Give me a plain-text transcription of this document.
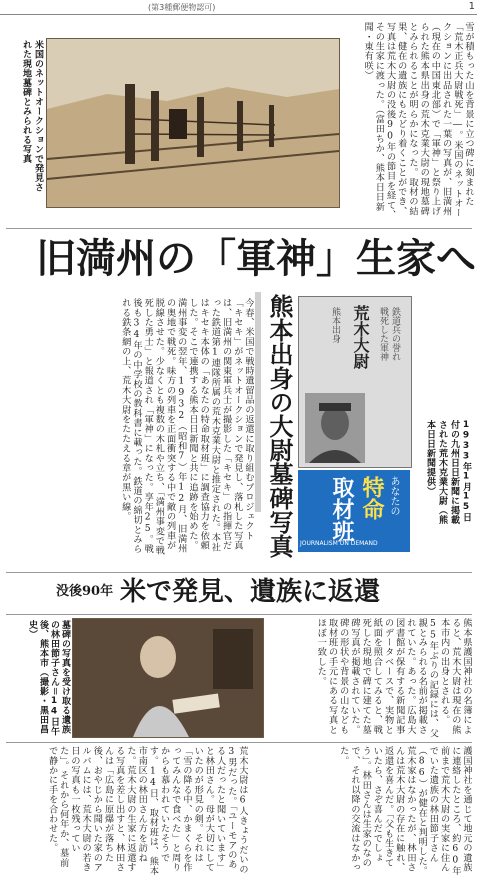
(第3種郵便物認可)	1
米国のネットオークションで発見された現地墓碑とみられる写真	雪が積もった山を背景に立つ碑に刻まれた「荒木正兵大尉戦死」―。米国のネットオークションに出品された一葉の写真が、旧満州（現在の中国東北部）で「軍神」と祭り上げられた熊本県出身の荒木克業大尉の現地墓碑とみられることが明らかになった。取材の結果、健在の遺族にもたどり着くことができ、写真は荒木大尉の没後90年の節目を経て、その生家に渡った。（富田ちか、熊本日日新聞・東有咲）
旧満州の「軍神」生家へ
熊本出身の大尉墓碑写真
今春、米国で戦時遺留品の返還に取り組むプロジェクト「キセキ」がネットオークションで発見し、落札した写真は、旧満州の関東軍兵士が撮影した「キセキ」の指揮官だった鉄道第1連隊所属の荒木克業大尉と推定された。本社はキセキ本体の「あなたの特命取材班」に調査協力を依頼した。そこで連携する熊本日日新聞と共に追跡を始めた。満州事変の翌年、1932（昭和7）年12月、旧満州の奥地で戦死。味方の列車を正面衝突する中で敵の列車が脱線させた。少なくとも複数の木札や立ち、「満州事変で戦死した勇士」と報道され「軍神」になった。享年25。戦後も34年の中学校の教科書に載った。鉄道の綿切とみられる鉄条網の上、荒木大尉をたたえる章が黒い線。	荒木大尉 戦死した軍神 鉄道兵の誉れ
熊本出身
1933年1月15日付の九州日日新聞に掲載された荒木克業大尉（熊本日日新聞提供）
あなたの
特命
取材班
JOURNALISM ON DEMAND
没後90年 米で発見、遺族に返還
墓碑の写真を受け取る遺族の林田節子さん＝14日午後、熊本市（撮影・黒田昌史）	熊本県護国神社の名簿によると、荒木大尉は現在の熊本市内の出身とされる。55年ぶりの記録には、父親とみられる名前が掲載されていた。あった。広島大図書館が保有する新聞記事のデータベースで、実物と紙面を照合してみると、戦死した現地で碑に建てた墓碑写真が掲載されていた。碑の形状や背景の山なども取材班の手元にある写真とほぼ一致した。
荒木大尉は6人きょうだいの3男だった。「ユーモアのある人だったと聞いています」と林田さん。母が大切にしていたのが形見の剣。それは「雪の降る中、かまくらを作ってみんなで食べた」と周りからも慕われていたそうです。14日、取材班は、熊本市南区の林田さん方を訪ねた。荒木大尉の生家に返還する写真を差し出すと、林田さんは「広島に原爆が落ちた後、おやじから聞いた家のアルバムには、荒木大尉の若き日の写真も一枚残っていた」。それから何年か、墓前で静かに手を合わせた。	護国神社を通じて地元の遺族に連絡したところ、約60年前まで荒木大尉の実家に住んでいた遺族の林田節子さん（86）が健在と判明した。荒木家はなかったが、林田さんは荒木大尉の存在に触れ、返還を喜んだ。「父も生きていたら、さぞ喜んだでしょう」。林田さんは生家のなので、それ以降の交流はなかった。
